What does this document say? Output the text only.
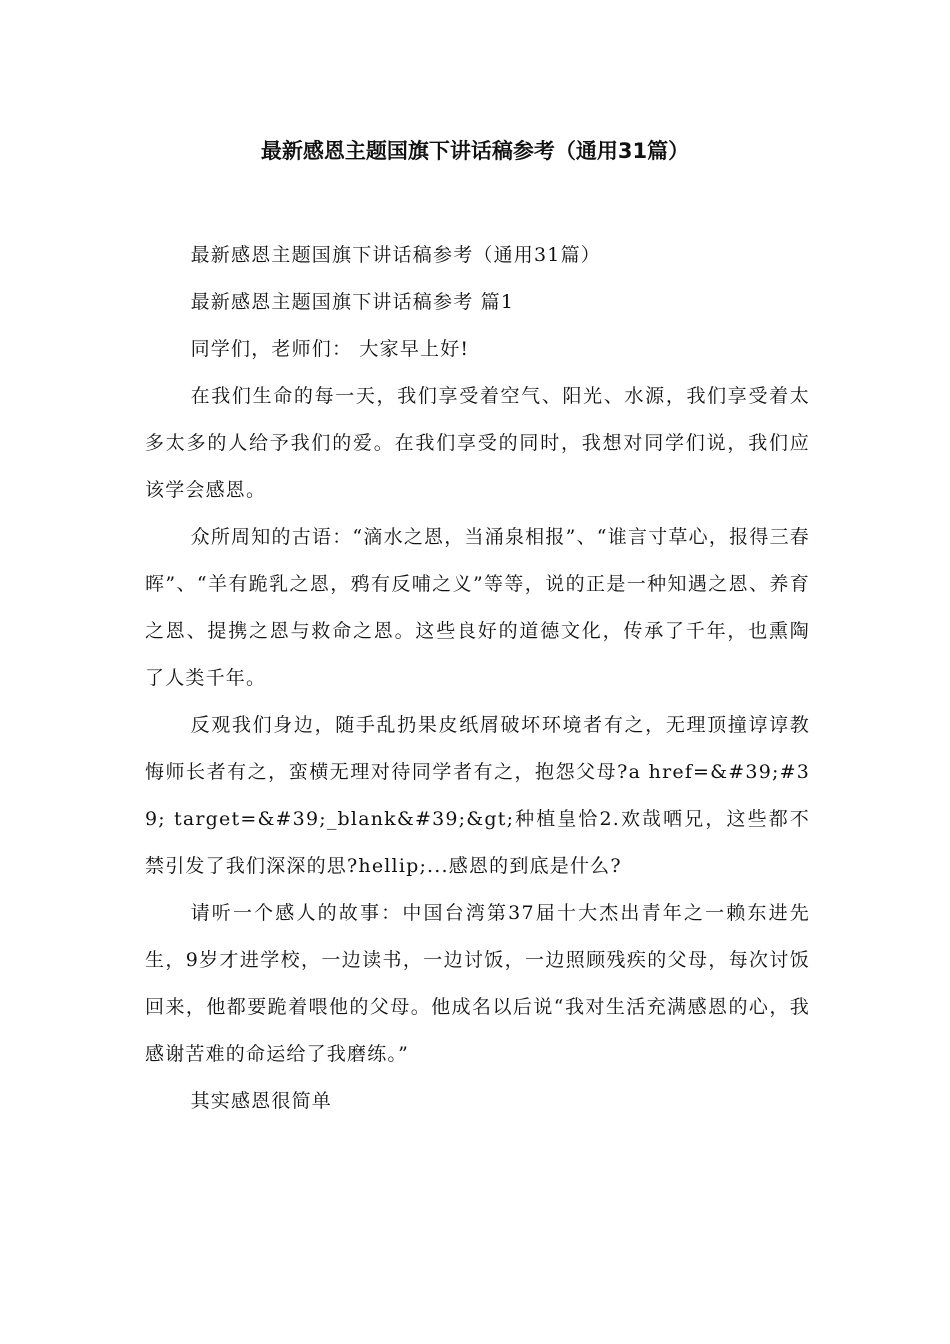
最新感恩主题国旗下讲话稿参考（通用31篇）

最新感恩主题国旗下讲话稿参考（通用31篇）

最新感恩主题国旗下讲话稿参考 篇1

同学们，老师们： 大家早上好!

在我们生命的每一天，我们享受着空气、阳光、水源，我们享受着太多太多的人给予我们的爱。在我们享受的同时，我想对同学们说，我们应该学会感恩。

众所周知的古语：“滴水之恩，当涌泉相报”、“谁言寸草心，报得三春晖”、“羊有跪乳之恩，鸦有反哺之义”等等，说的正是一种知遇之恩、养育之恩、提携之恩与救命之恩。这些良好的道德文化，传承了千年，也熏陶了人类千年。

反观我们身边，随手乱扔果皮纸屑破坏环境者有之，无理顶撞谆谆教悔师长者有之，蛮横无理对待同学者有之，抱怨父母?a href=&#39;#39; target=&#39;_blank&#39;&gt;种植皇恰2.欢哉哂兄，这些都不禁引发了我们深深的思?hellip;...感恩的到底是什么?

请听一个感人的故事：中国台湾第37届十大杰出青年之一赖东进先生，9岁才进学校，一边读书，一边讨饭，一边照顾残疾的父母，每次讨饭回来，他都要跪着喂他的父母。他成名以后说“我对生活充满感恩的心，我感谢苦难的命运给了我磨练。”

其实感恩很简单
